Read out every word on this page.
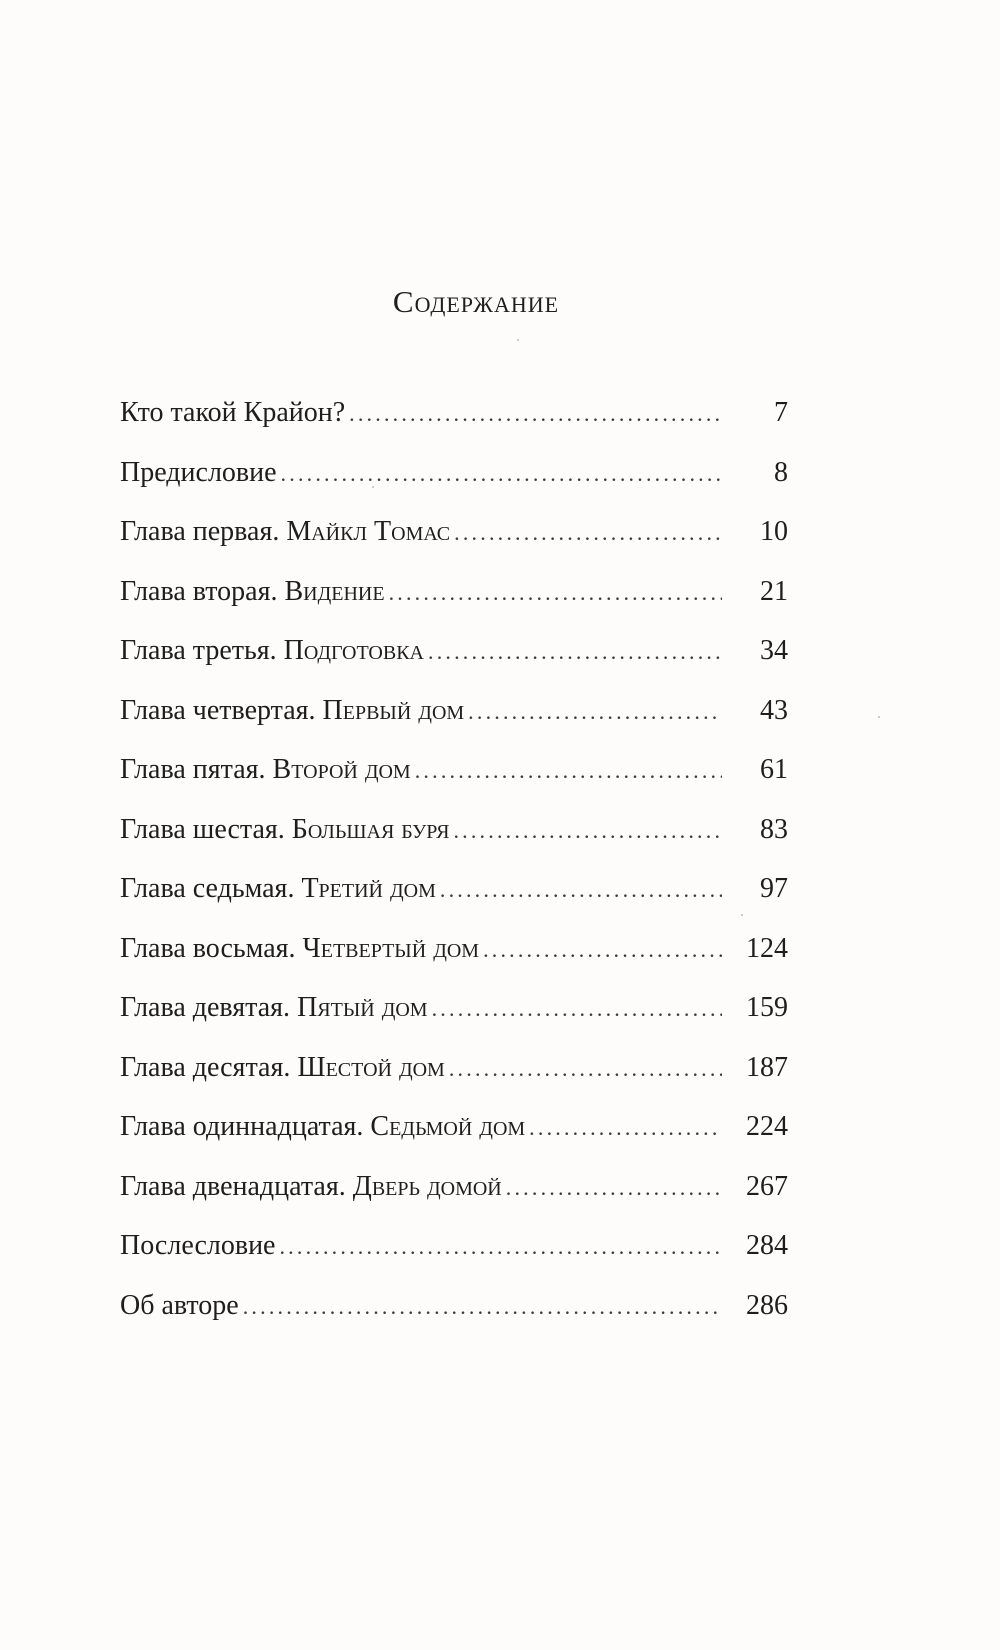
Содержание
Кто такой Крайон? .....	7
Предисловие .....	8
Глава первая. Майкл Томас .....	10
Глава вторая. Видение .....	21
Глава третья. Подготовка .....	34
Глава четвертая. Первый дом .....	43
Глава пятая. Второй дом .....	61
Глава шестая. Большая буря .....	83
Глава седьмая. Третий дом .....	97
Глава восьмая. Четвертый дом .....	124
Глава девятая. Пятый дом .....	159
Глава десятая. Шестой дом .....	187
Глава одиннадцатая. Седьмой дом .....	224
Глава двенадцатая. Дверь домой .....	267
Послесловие .....	284
Об авторе .....	286
